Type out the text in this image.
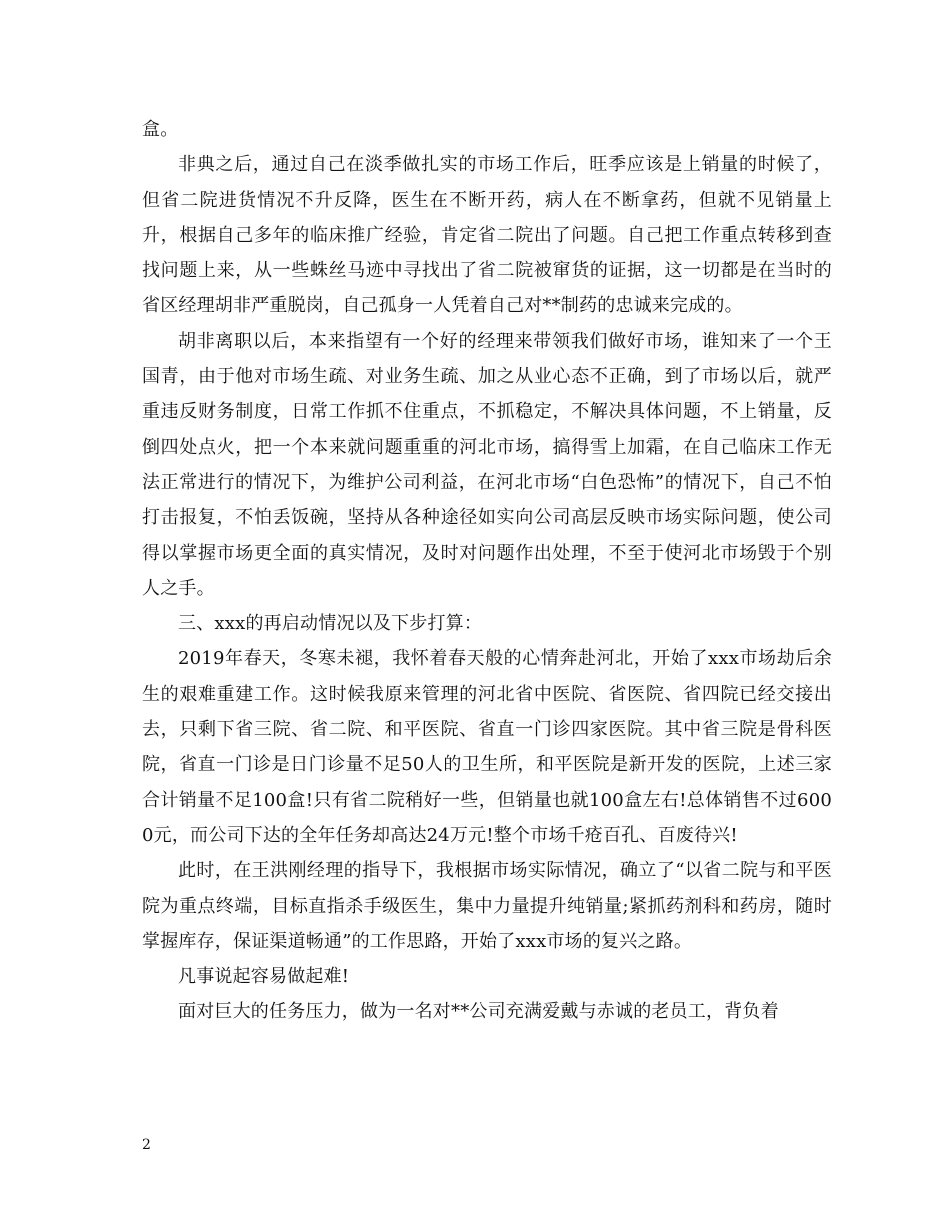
盒。

非典之后，通过自己在淡季做扎实的市场工作后，旺季应该是上销量的时候了，但省二院进货情况不升反降，医生在不断开药，病人在不断拿药，但就不见销量上升，根据自己多年的临床推广经验，肯定省二院出了问题。自己把工作重点转移到查找问题上来，从一些蛛丝马迹中寻找出了省二院被窜货的证据，这一切都是在当时的省区经理胡非严重脱岗，自己孤身一人凭着自己对**制药的忠诚来完成的。

胡非离职以后，本来指望有一个好的经理来带领我们做好市场，谁知来了一个王国青，由于他对市场生疏、对业务生疏、加之从业心态不正确，到了市场以后，就严重违反财务制度，日常工作抓不住重点，不抓稳定，不解决具体问题，不上销量，反倒四处点火，把一个本来就问题重重的河北市场，搞得雪上加霜，在自己临床工作无法正常进行的情况下，为维护公司利益，在河北市场“白色恐怖”的情况下，自己不怕打击报复，不怕丢饭碗，坚持从各种途径如实向公司高层反映市场实际问题，使公司得以掌握市场更全面的真实情况，及时对问题作出处理，不至于使河北市场毁于个别人之手。

三、xxx的再启动情况以及下步打算：

2019年春天，冬寒未褪，我怀着春天般的心情奔赴河北，开始了xxx市场劫后余生的艰难重建工作。这时候我原来管理的河北省中医院、省医院、省四院已经交接出去，只剩下省三院、省二院、和平医院、省直一门诊四家医院。其中省三院是骨科医院，省直一门诊是日门诊量不足50人的卫生所，和平医院是新开发的医院，上述三家合计销量不足100盒!只有省二院稍好一些，但销量也就100盒左右!总体销售不过6000元，而公司下达的全年任务却高达24万元!整个市场千疮百孔、百废待兴!

此时，在王洪刚经理的指导下，我根据市场实际情况，确立了“以省二院与和平医院为重点终端，目标直指杀手级医生，集中力量提升纯销量;紧抓药剂科和药房，随时掌握库存，保证渠道畅通”的工作思路，开始了xxx市场的复兴之路。

凡事说起容易做起难!

面对巨大的任务压力，做为一名对**公司充满爱戴与赤诚的老员工，背负着

2
